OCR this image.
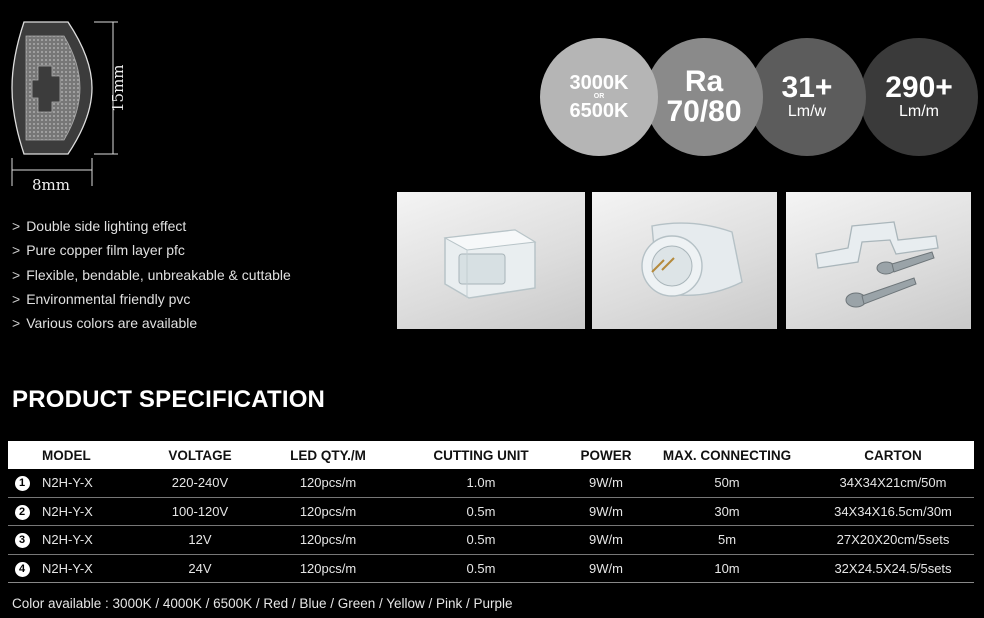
15mm
8mm
3000K
OR
6500K
Ra
70/80
31+
Lm/w
290+
Lm/m
> Double side lighting effect
> Pure copper film layer pfc
> Flexible, bendable, unbreakable & cuttable
> Environmental friendly pvc
> Various colors are available
PRODUCT SPECIFICATION
	MODEL	VOLTAGE	LED QTY./M	CUTTING UNIT	POWER	MAX. CONNECTING	CARTON
1	N2H-Y-X	220-240V	120pcs/m	1.0m	9W/m	50m	34X34X21cm/50m
2	N2H-Y-X	100-120V	120pcs/m	0.5m	9W/m	30m	34X34X16.5cm/30m
3	N2H-Y-X	12V	120pcs/m	0.5m	9W/m	5m	27X20X20cm/5sets
4	N2H-Y-X	24V	120pcs/m	0.5m	9W/m	10m	32X24.5X24.5/5sets
Color available : 3000K / 4000K / 6500K / Red / Blue / Green / Yellow / Pink / Purple
